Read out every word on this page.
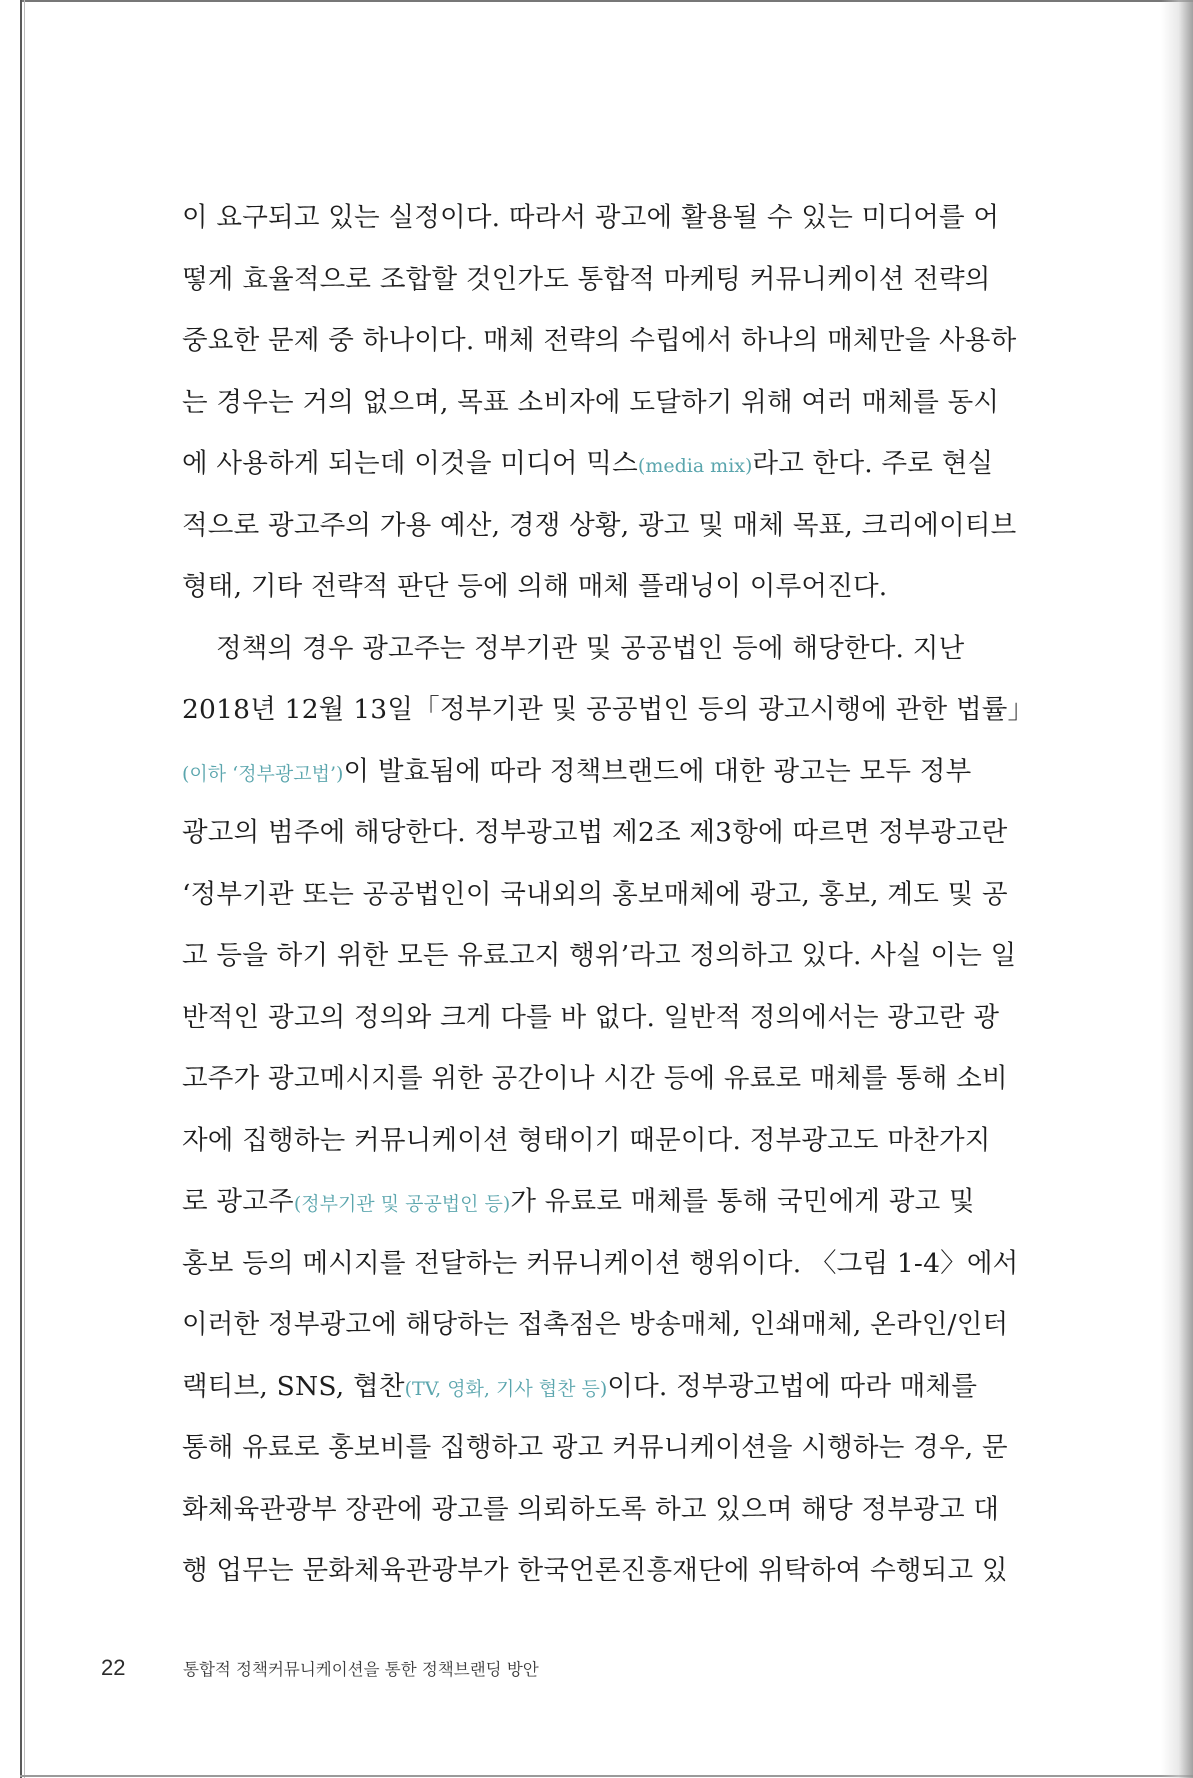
이 요구되고 있는 실정이다. 따라서 광고에 활용될 수 있는 미디어를 어
떻게 효율적으로 조합할 것인가도 통합적 마케팅 커뮤니케이션 전략의
중요한 문제 중 하나이다. 매체 전략의 수립에서 하나의 매체만을 사용하
는 경우는 거의 없으며, 목표 소비자에 도달하기 위해 여러 매체를 동시
에 사용하게 되는데 이것을 미디어 믹스(media mix)라고 한다. 주로 현실
적으로 광고주의 가용 예산, 경쟁 상황, 광고 및 매체 목표, 크리에이티브
형태, 기타 전략적 판단 등에 의해 매체 플래닝이 이루어진다.
정책의 경우 광고주는 정부기관 및 공공법인 등에 해당한다. 지난
2018년 12월 13일「정부기관 및 공공법인 등의 광고시행에 관한 법률」
(이하 ‘정부광고법’)이 발효됨에 따라 정책브랜드에 대한 광고는 모두 정부
광고의 범주에 해당한다. 정부광고법 제2조 제3항에 따르면 정부광고란
‘정부기관 또는 공공법인이 국내외의 홍보매체에 광고, 홍보, 계도 및 공
고 등을 하기 위한 모든 유료고지 행위’라고 정의하고 있다. 사실 이는 일
반적인 광고의 정의와 크게 다를 바 없다. 일반적 정의에서는 광고란 광
고주가 광고메시지를 위한 공간이나 시간 등에 유료로 매체를 통해 소비
자에 집행하는 커뮤니케이션 형태이기 때문이다. 정부광고도 마찬가지
로 광고주(정부기관 및 공공법인 등)가 유료로 매체를 통해 국민에게 광고 및
홍보 등의 메시지를 전달하는 커뮤니케이션 행위이다. 〈그림 1-4〉에서
이러한 정부광고에 해당하는 접촉점은 방송매체, 인쇄매체, 온라인/인터
랙티브, SNS, 협찬(TV, 영화, 기사 협찬 등)이다. 정부광고법에 따라 매체를
통해 유료로 홍보비를 집행하고 광고 커뮤니케이션을 시행하는 경우, 문
화체육관광부 장관에 광고를 의뢰하도록 하고 있으며 해당 정부광고 대
행 업무는 문화체육관광부가 한국언론진흥재단에 위탁하여 수행되고 있
22	통합적 정책커뮤니케이션을 통한 정책브랜딩 방안
